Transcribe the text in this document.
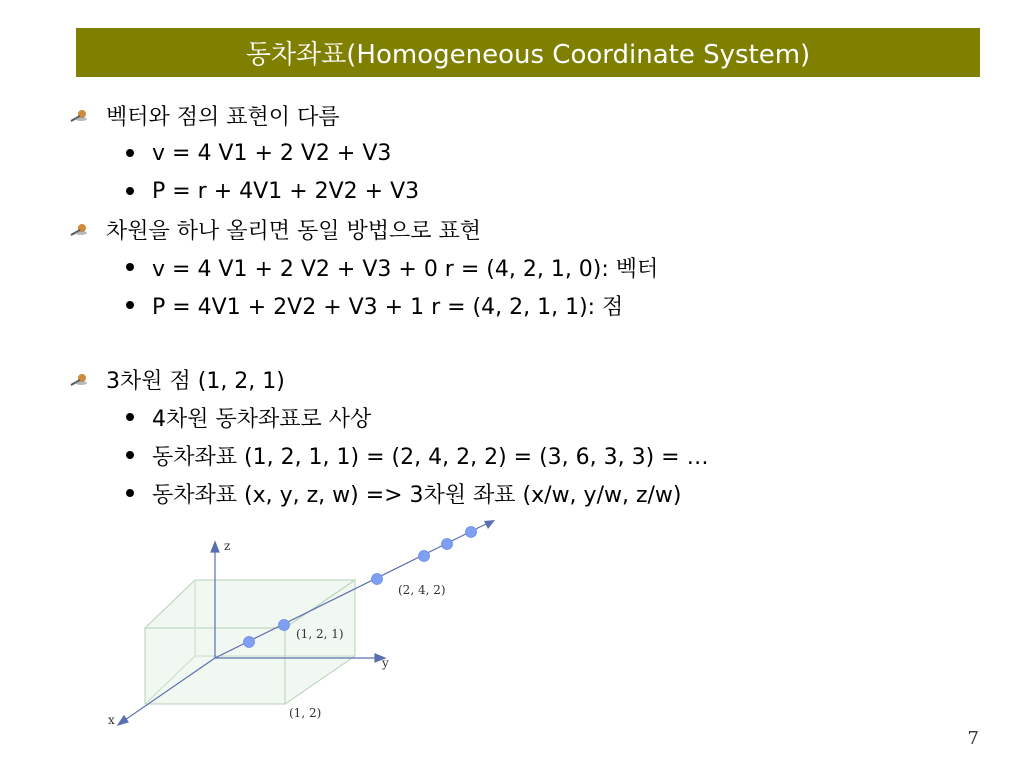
동차좌표(Homogeneous Coordinate System)
벡터와 점의 표현이 다름
v = 4 V1 + 2 V2 + V3
P = r + 4V1 + 2V2 + V3
차원을 하나 올리면 동일 방법으로 표현
v = 4 V1 + 2 V2 + V3 + 0 r = (4, 2, 1, 0): 벡터
P = 4V1 + 2V2 + V3 + 1 r = (4, 2, 1, 1): 점
3차원 점 (1, 2, 1)
4차원 동차좌표로 사상
동차좌표 (1, 2, 1, 1) = (2, 4, 2, 2) = (3, 6, 3, 3) = …
동차좌표 (x, y, z, w) => 3차원 좌표 (x/w, y/w, z/w)
z
y
x
(1, 2, 1)
(2, 4, 2)
(1, 2)
7
